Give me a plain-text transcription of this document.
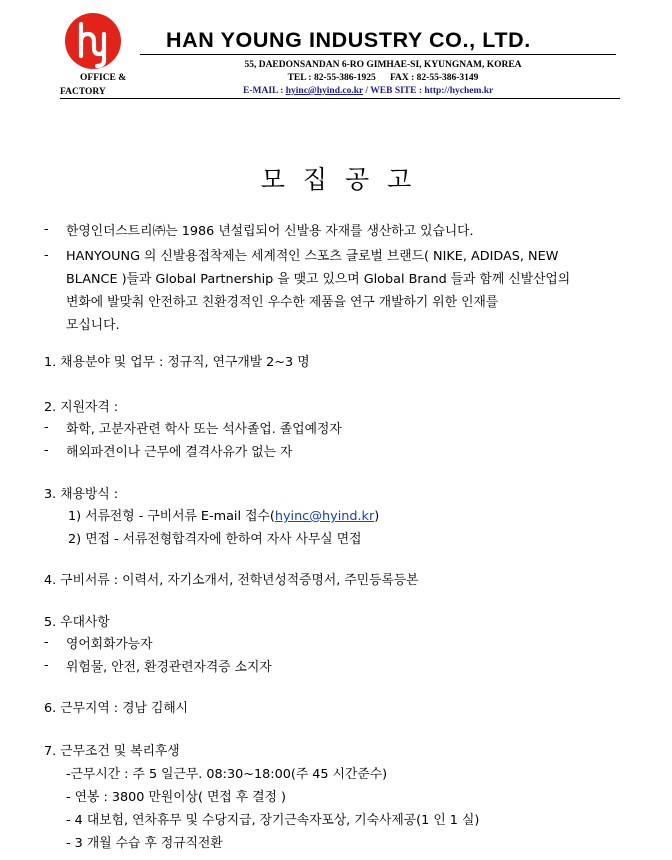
HAN YOUNG INDUSTRY CO., LTD.
55, DAEDONSANDAN 6-RO GIMHAE-SI, KYUNGNAM, KOREA
OFFICE &	TEL : 82-55-386-1925      FAX : 82-55-386-3149
FACTORY	E-MAIL : hyinc@hyind.co.kr / WEB SITE : http://hychem.kr
모집공고
- 한영인더스트리㈜는 1986 년설립되어 신발용 자재를 생산하고 있습니다.
- HANYOUNG 의 신발용접착제는 세계적인 스포츠 글로벌 브랜드( NIKE, ADIDAS, NEW
BLANCE )들과 Global Partnership 을 맺고 있으며 Global Brand 들과 함께 신발산업의
변화에 발맞춰 안전하고 친환경적인 우수한 제품을 연구 개발하기 위한 인재를
모십니다.
1. 채용분야 및 업무 : 정규직, 연구개발 2~3 명
2. 지원자격 :
- 화학, 고분자관련 학사 또는 석사졸업. 졸업예정자
- 해외파견이나 근무에 결격사유가 없는 자
3. 채용방식 :
1) 서류전형 - 구비서류 E-mail 접수(hyinc@hyind.kr)
2) 면접 - 서류전형합격자에 한하여 자사 사무실 면접
4. 구비서류 : 이력서, 자기소개서, 전학년성적증명서, 주민등록등본
5. 우대사항
- 영어회화가능자
- 위험물, 안전, 환경관련자격증 소지자
6. 근무지역 : 경남 김해시
7. 근무조건 및 복리후생
-근무시간 : 주 5 일근무. 08:30~18:00(주 45 시간준수)
- 연봉 : 3800 만원이상( 면접 후 결정 )
- 4 대보험, 연차휴무 및 수당지급, 장기근속자포상, 기숙사제공(1 인 1 실)
- 3 개월 수습 후 정규직전환
